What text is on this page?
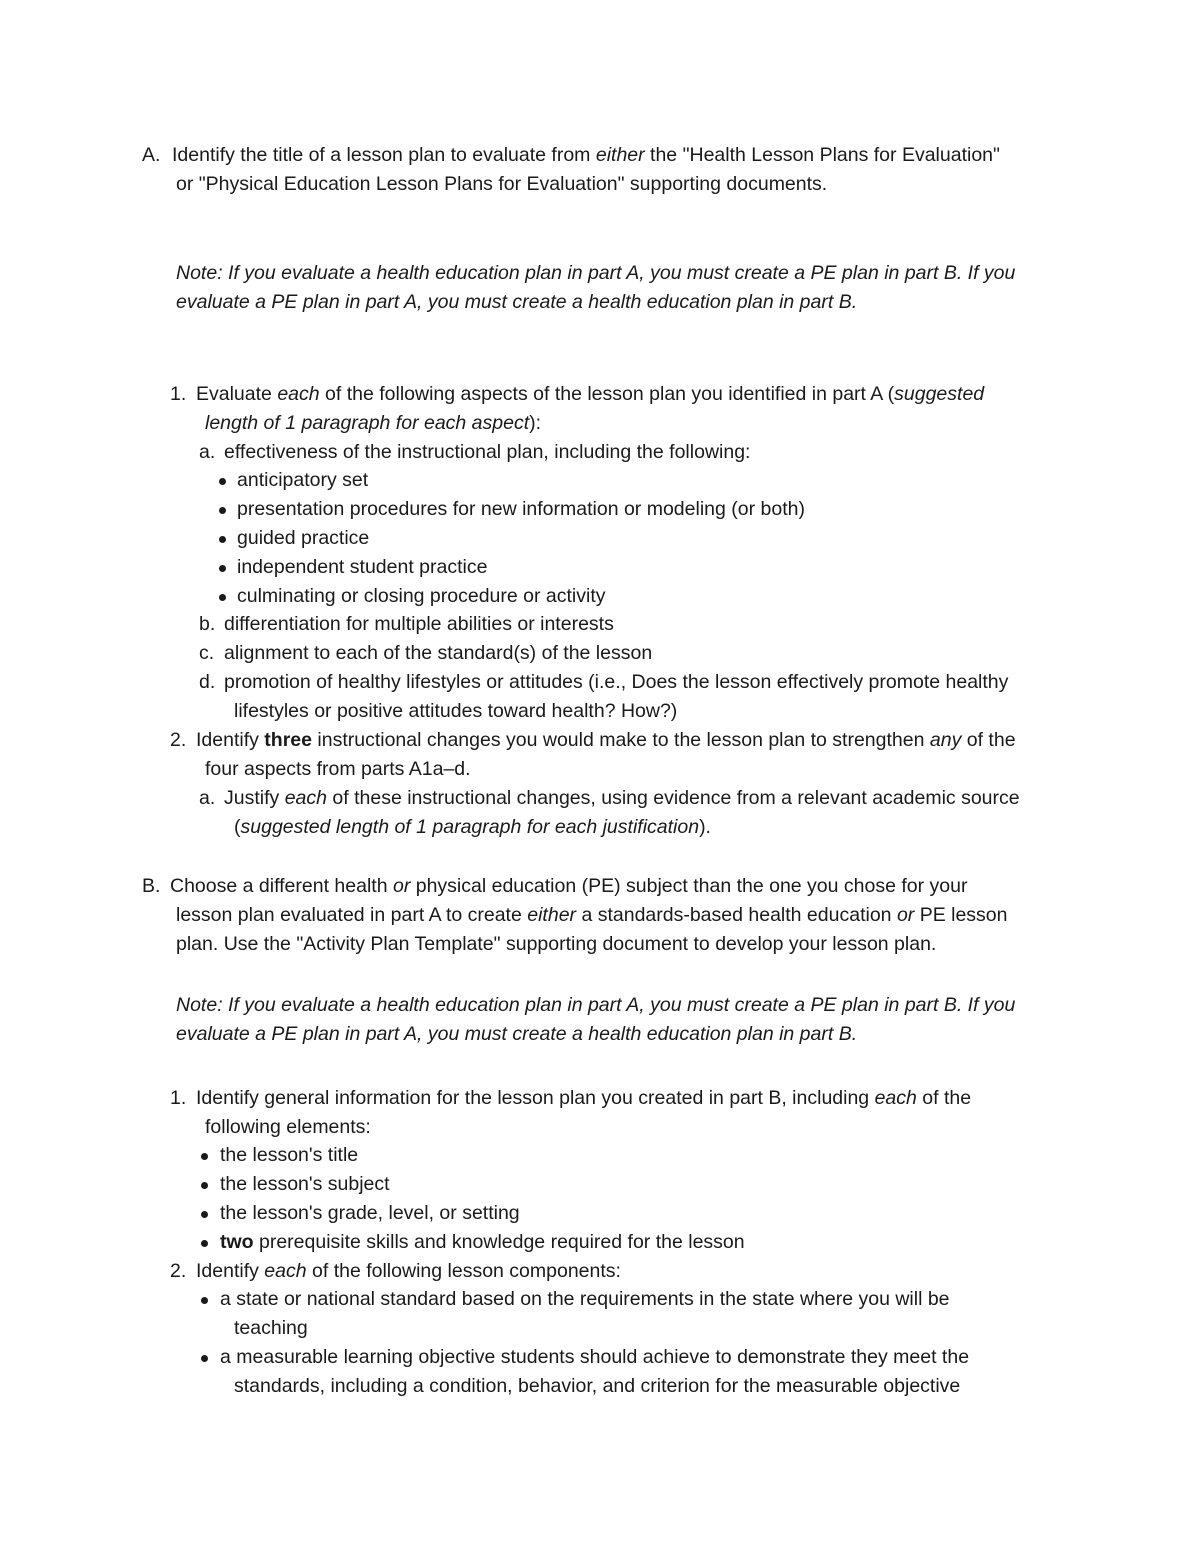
A. Identify the title of a lesson plan to evaluate from either the "Health Lesson Plans for Evaluation"
or "Physical Education Lesson Plans for Evaluation" supporting documents.
Note: If you evaluate a health education plan in part A, you must create a PE plan in part B. If you
evaluate a PE plan in part A, you must create a health education plan in part B.
1. Evaluate each of the following aspects of the lesson plan you identified in part A (suggested
length of 1 paragraph for each aspect):
a. effectiveness of the instructional plan, including the following:
anticipatory set
presentation procedures for new information or modeling (or both)
guided practice
independent student practice
culminating or closing procedure or activity
b. differentiation for multiple abilities or interests
c. alignment to each of the standard(s) of the lesson
d. promotion of healthy lifestyles or attitudes (i.e., Does the lesson effectively promote healthy
lifestyles or positive attitudes toward health? How?)
2. Identify three instructional changes you would make to the lesson plan to strengthen any of the
four aspects from parts A1a–d.
a. Justify each of these instructional changes, using evidence from a relevant academic source
(suggested length of 1 paragraph for each justification).
B. Choose a different health or physical education (PE) subject than the one you chose for your
lesson plan evaluated in part A to create either a standards-based health education or PE lesson
plan. Use the "Activity Plan Template" supporting document to develop your lesson plan.
Note: If you evaluate a health education plan in part A, you must create a PE plan in part B. If you
evaluate a PE plan in part A, you must create a health education plan in part B.
1. Identify general information for the lesson plan you created in part B, including each of the
following elements:
the lesson's title
the lesson's subject
the lesson's grade, level, or setting
two prerequisite skills and knowledge required for the lesson
2. Identify each of the following lesson components:
a state or national standard based on the requirements in the state where you will be
teaching
a measurable learning objective students should achieve to demonstrate they meet the
standards, including a condition, behavior, and criterion for the measurable objective
